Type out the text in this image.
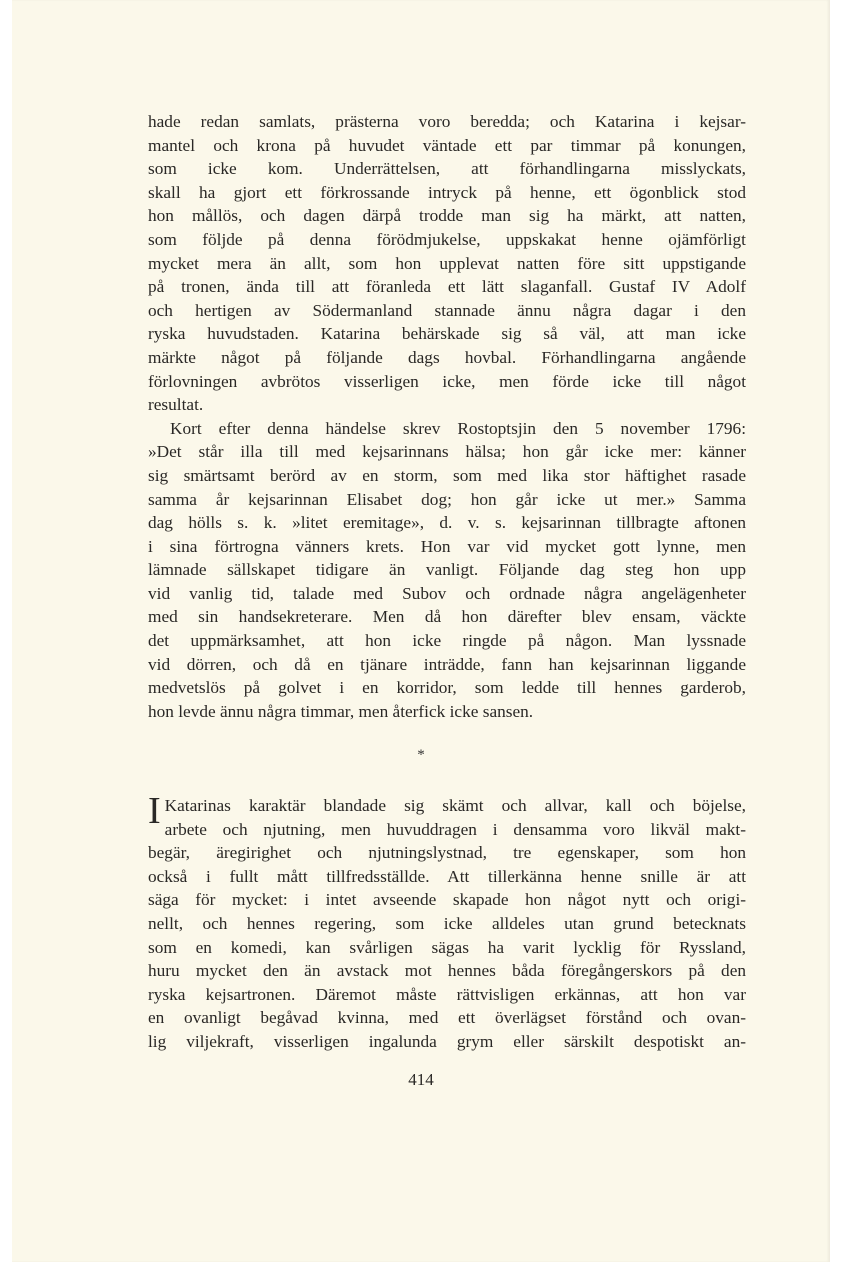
hade redan samlats, prästerna voro beredda; och Katarina i kejsar-
mantel och krona på huvudet väntade ett par timmar på konungen,
som icke kom. Underrättelsen, att förhandlingarna misslyckats,
skall ha gjort ett förkrossande intryck på henne, ett ögonblick stod
hon mållös, och dagen därpå trodde man sig ha märkt, att natten,
som följde på denna förödmjukelse, uppskakat henne ojämförligt
mycket mera än allt, som hon upplevat natten före sitt uppstigande
på tronen, ända till att föranleda ett lätt slaganfall. Gustaf IV Adolf
och hertigen av Södermanland stannade ännu några dagar i den
ryska huvudstaden. Katarina behärskade sig så väl, att man icke
märkte något på följande dags hovbal. Förhandlingarna angående
förlovningen avbrötos visserligen icke, men förde icke till något
resultat.
Kort efter denna händelse skrev Rostoptsjin den 5 november 1796:
»Det står illa till med kejsarinnans hälsa; hon går icke mer: känner
sig smärtsamt berörd av en storm, som med lika stor häftighet rasade
samma år kejsarinnan Elisabet dog; hon går icke ut mer.» Samma
dag hölls s. k. »litet eremitage», d. v. s. kejsarinnan tillbragte aftonen
i sina förtrogna vänners krets. Hon var vid mycket gott lynne, men
lämnade sällskapet tidigare än vanligt. Följande dag steg hon upp
vid vanlig tid, talade med Subov och ordnade några angelägenheter
med sin handsekreterare. Men då hon därefter blev ensam, väckte
det uppmärksamhet, att hon icke ringde på någon. Man lyssnade
vid dörren, och då en tjänare inträdde, fann han kejsarinnan liggande
medvetslös på golvet i en korridor, som ledde till hennes garderob,
hon levde ännu några timmar, men återfick icke sansen.
*
I Katarinas karaktär blandade sig skämt och allvar, kall och böjelse,
arbete och njutning, men huvuddragen i densamma voro likväl makt-
begär, äregirighet och njutningslystnad, tre egenskaper, som hon
också i fullt mått tillfredsställde. Att tillerkänna henne snille är att
säga för mycket: i intet avseende skapade hon något nytt och origi-
nellt, och hennes regering, som icke alldeles utan grund betecknats
som en komedi, kan svårligen sägas ha varit lycklig för Ryssland,
huru mycket den än avstack mot hennes båda föregångerskors på den
ryska kejsartronen. Däremot måste rättvisligen erkännas, att hon var
en ovanligt begåvad kvinna, med ett överlägset förstånd och ovan-
lig viljekraft, visserligen ingalunda grym eller särskilt despotiskt an-
414
